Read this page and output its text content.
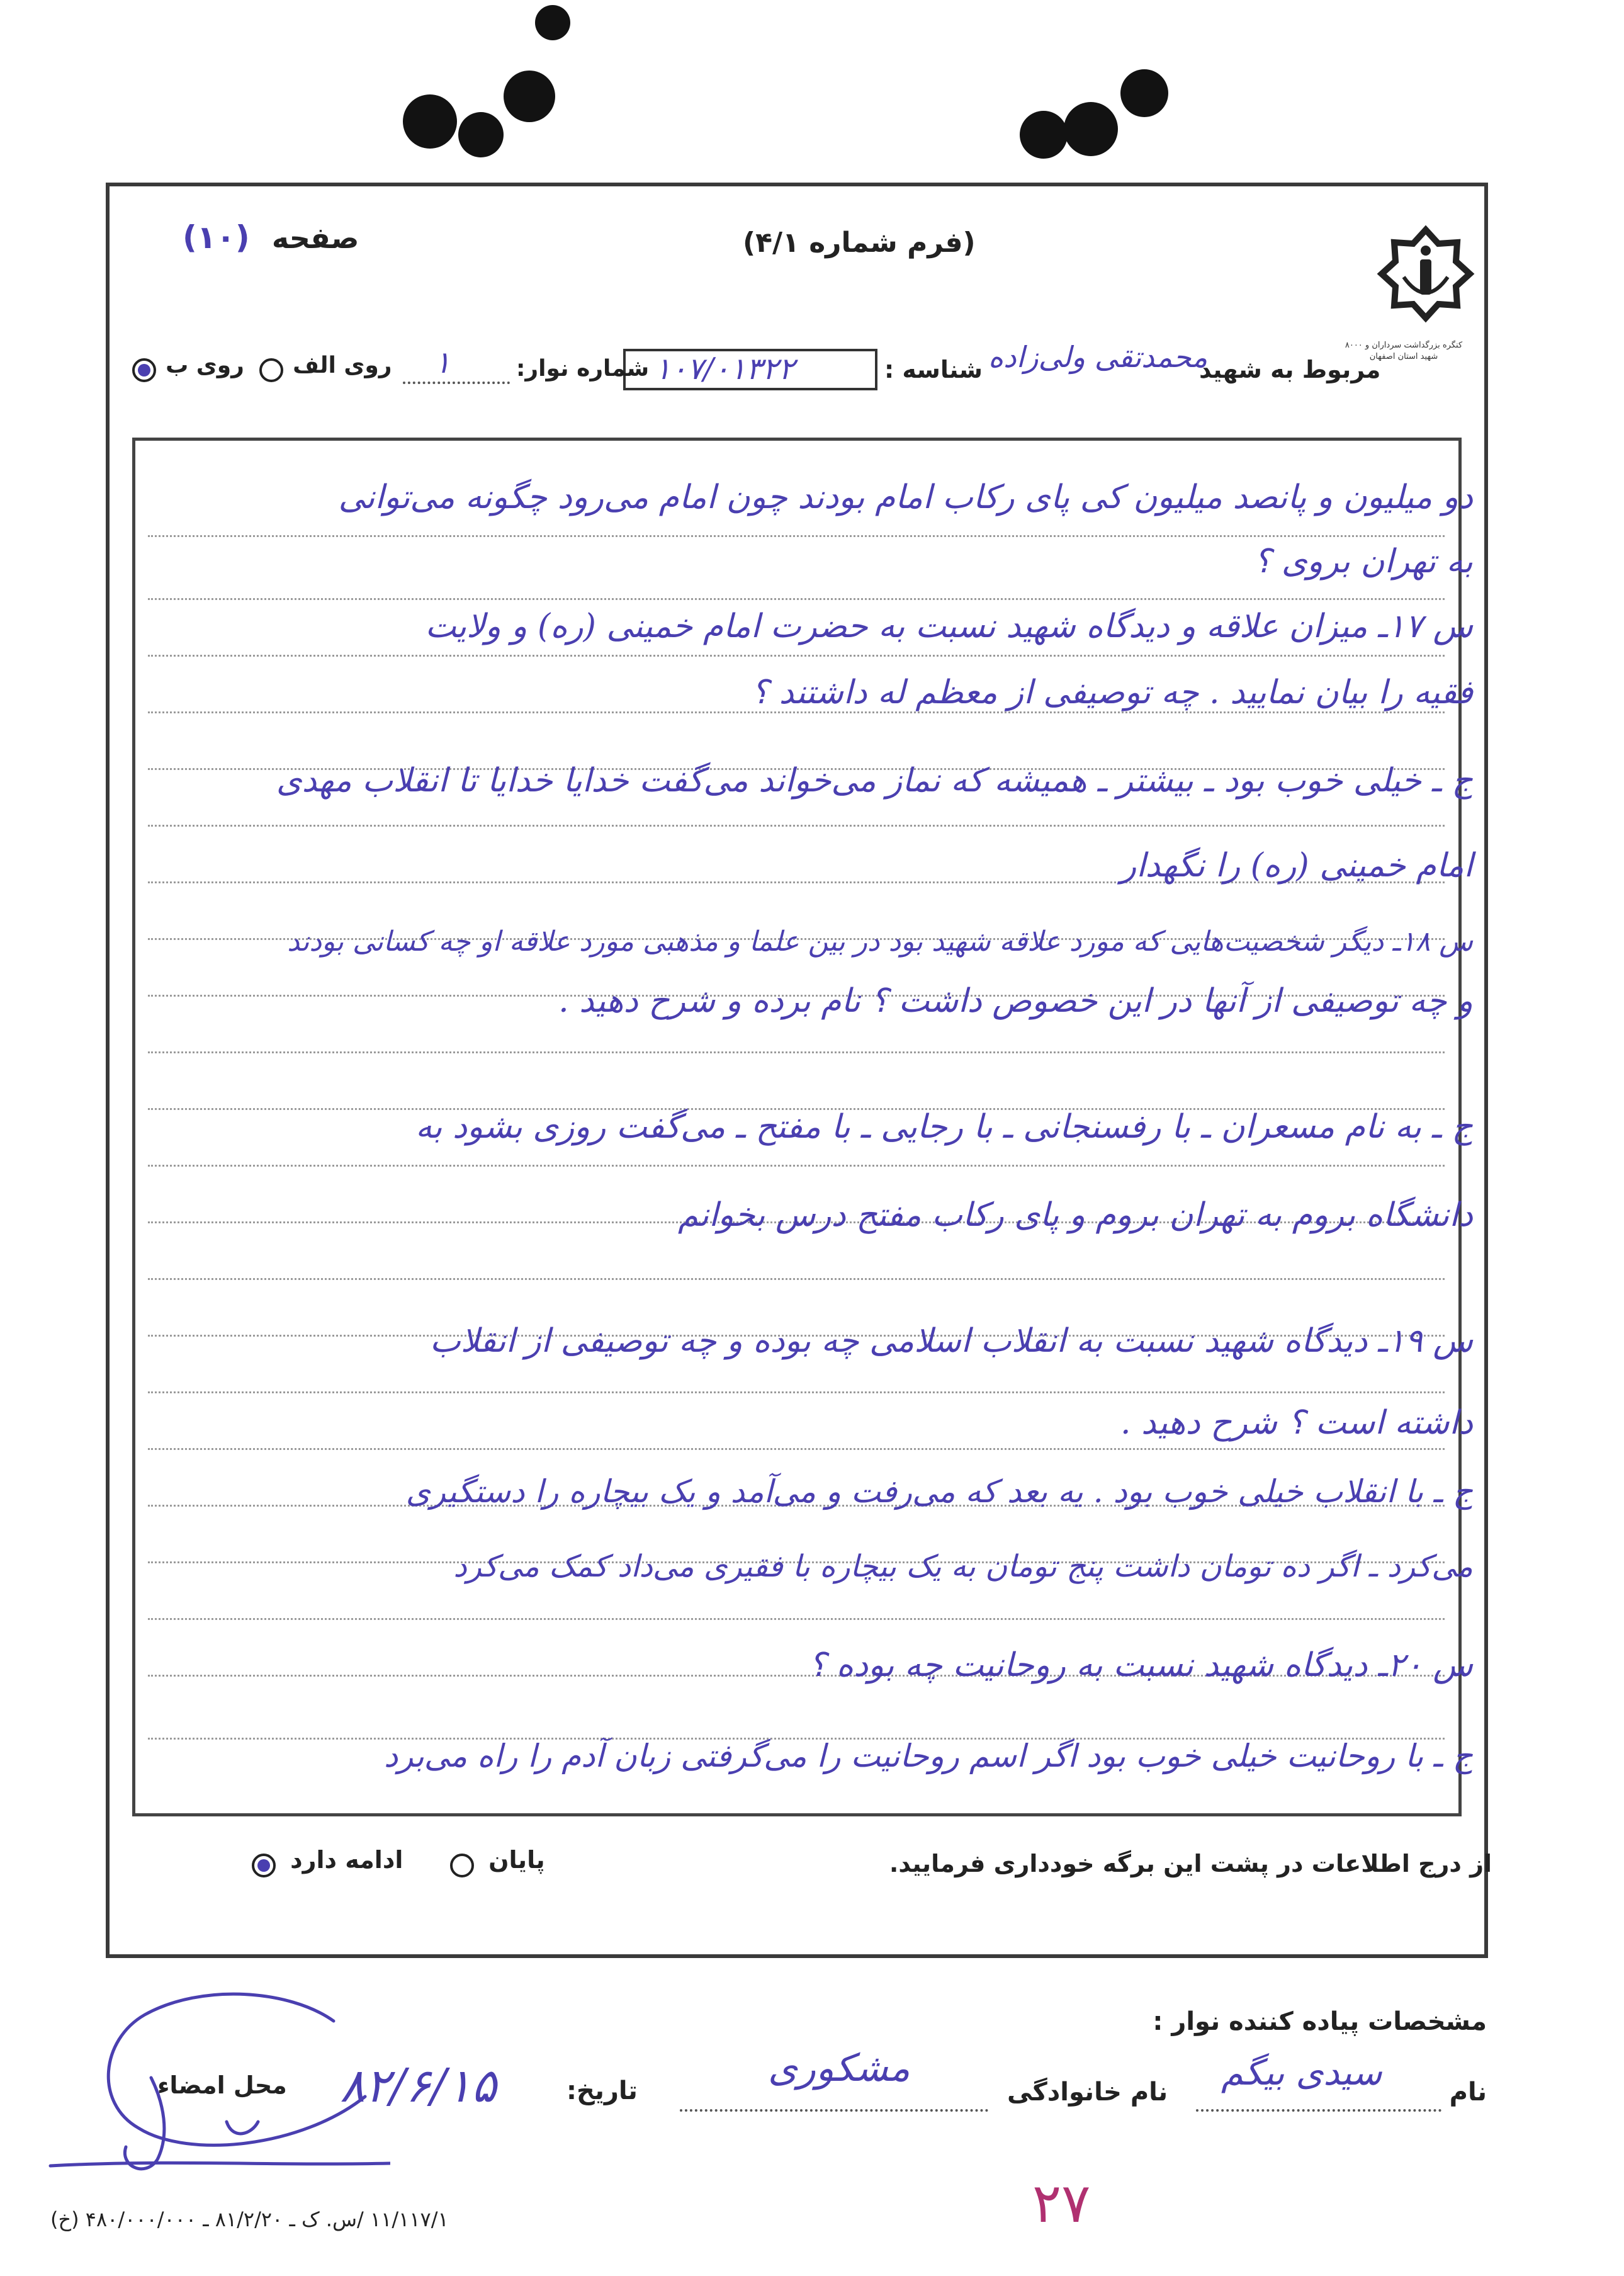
(فرم شماره ۴/۱)
صفحه (۱۰)
کنگره بزرگداشت سرداران و ۸۰۰۰ شهید استان اصفهان
مربوط به شهید
محمدتقی ولی‌زاده
شناسه :
۱۰۷/۰۱۳۲۲
شماره نوار:
۱
روی الف
روی ب
دو میلیون و پانصد میلیون کی پای رکاب امام بودند چون امام می‌رود چگونه می‌توانی
به تهران بروی ؟
س ۱۷ـ میزان علاقه و دیدگاه شهید نسبت به حضرت امام خمینی (ره) و ولایت
فقیه را بیان نمایید . چه توصیفی از معظم له داشتند ؟
ج ـ خیلی خوب بود ـ بیشتر ـ همیشه که نماز می‌خواند می‌گفت خدایا خدایا تا انقلاب مهدی
امام خمینی (ره) را نگهدار
س ۱۸ـ دیگر شخصیت‌هایی که مورد علاقه شهید بود در بین علما و مذهبی مورد علاقه او چه کسانی بودند
و چه توصیفی از آنها در این خصوص داشت ؟ نام برده و شرح دهید .
ج ـ به نام مسعران ـ با رفسنجانی ـ با رجایی ـ با مفتح ـ می‌گفت روزی بشود به
دانشگاه بروم به تهران بروم و پای رکاب مفتح درس بخوانم
س ۱۹ـ دیدگاه شهید نسبت به انقلاب اسلامی چه بوده و چه توصیفی از انقلاب
داشته است ؟ شرح دهید .
ج ـ با انقلاب خیلی خوب بود . یه بعد که می‌رفت و می‌آمد و یک بیچاره را دستگیری
می‌کرد ـ اگر ده تومان داشت پنج تومان به یک بیچاره با فقیری می‌داد کمک می‌کرد
س ۲۰ـ دیدگاه شهید نسبت به روحانیت چه بوده ؟
ج ـ با روحانیت خیلی خوب بود اگر اسم روحانیت را می‌گرفتی زبان آدم را راه می‌برد
از درج اطلاعات در پشت این برگه خودداری فرمایید.
پایان
ادامه دارد
مشخصات پیاده کننده نوار :
نام
سیدی بیگم
نام خانوادگی
مشکوری
تاریخ:
۸۲/۶/۱۵
محل امضاء
۲۷
۱۱/۱۱۷/۱ /س. ک ـ ۸۱/۲/۲۰ ـ ۴۸۰/۰۰۰/۰۰۰ (خ)
